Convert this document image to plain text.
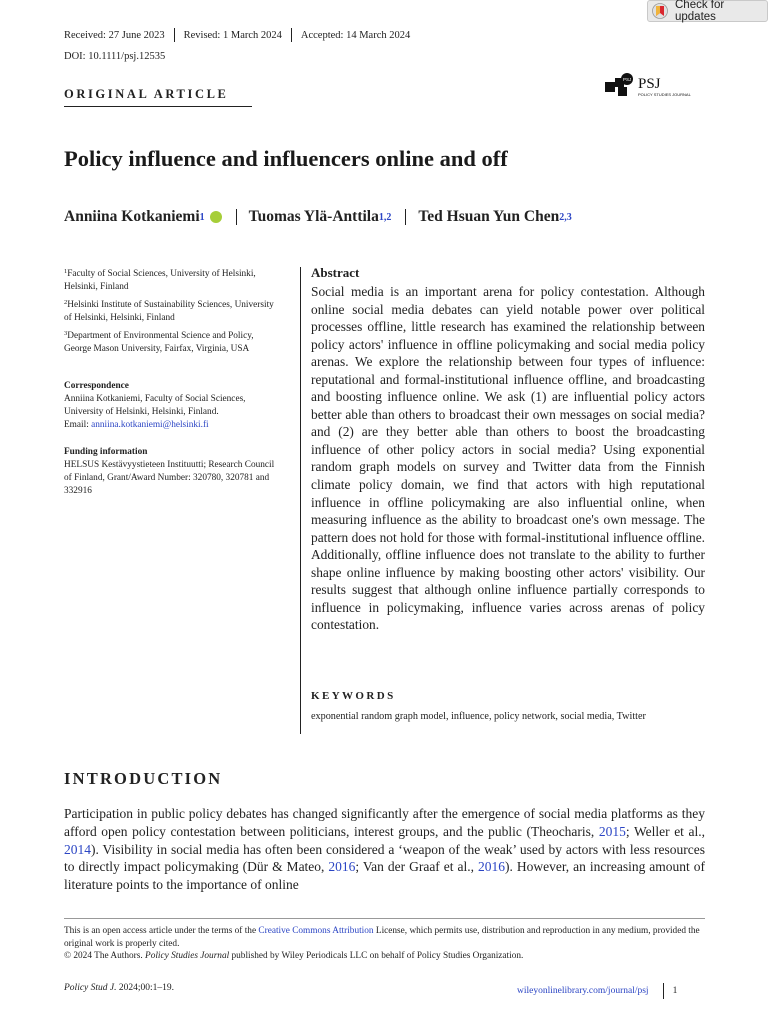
Check for updates
Received: 27 June 2023 Revised: 1 March 2024 Accepted: 14 March 2024
DOI: 10.1111/psj.12535
ORIGINAL ARTICLE
PSJ PSJ
POLICY STUDIES JOURNAL
Policy influence and influencers online and off
Anniina Kotkaniemi 1	Tuomas Ylä-Anttila 1,2 Ted Hsuan Yun Chen 2,3
$^1$Faculty of Social Sciences, University of Helsinki, Helsinki, Finland
$^2$Helsinki Institute of Sustainability Sciences, University of Helsinki, Helsinki, Finland
$^3$Department of Environmental Science and Policy, George Mason University, Fairfax, Virginia, USA
Correspondence
Anniina Kotkaniemi, Faculty of Social Sciences, University of Helsinki, Helsinki, Finland.
Email: anniina.kotkaniemi@helsinki.fi
Funding information
HELSUS Kestävyystieteen Instituutti; Research Council of Finland, Grant/Award Number: 320780, 320781 and 332916
Abstract
Social media is an important arena for policy contestation. Although online social media debates can yield notable power over political processes offline, little research has examined the relationship between policy actors' influence in offline policymaking and social media policy arenas. We explore the relationship between four types of influence: reputational and formal-institutional influence offline, and broadcasting and boosting influence online. We ask (1) are influential policy actors better able than others to broadcast their own messages on social media? and (2) are they better able than others to boost the broadcasting influence of other policy actors in social media? Using exponential random graph models on survey and Twitter data from the Finnish climate policy domain, we find that actors with high reputational influence in offline policymaking are also influential online, when measuring influence as the ability to broadcast one's own message. The pattern does not hold for those with formal-institutional influence offline. Additionally, offline influence does not translate to the ability to further shape online influence by making boosting other actors' visibility. Our results suggest that although online influence partially corresponds to influence in policymaking, influence varies across arenas of policy contestation.
KEYWORDS
exponential random graph model, influence, policy network, social media, Twitter
INTRODUCTION
Participation in public policy debates has changed significantly after the emergence of social media platforms as they afford open policy contestation between politicians, interest groups, and the public (Theocharis, 2015; Weller et al., 2014). Visibility in social media has often been considered a ‘weapon of the weak’ used by actors with less resources to directly impact policymaking (Dür & Mateo, 2016; Van der Graaf et al., 2016). However, an increasing amount of literature points to the importance of online
This is an open access article under the terms of the Creative Commons Attribution License, which permits use, distribution and reproduction in any medium, provided the original work is properly cited.
© 2024 The Authors. Policy Studies Journal published by Wiley Periodicals LLC on behalf of Policy Studies Organization.
Policy Stud J. 2024;00:1–19.	wileyonlinelibrary.com/journal/psj	1
